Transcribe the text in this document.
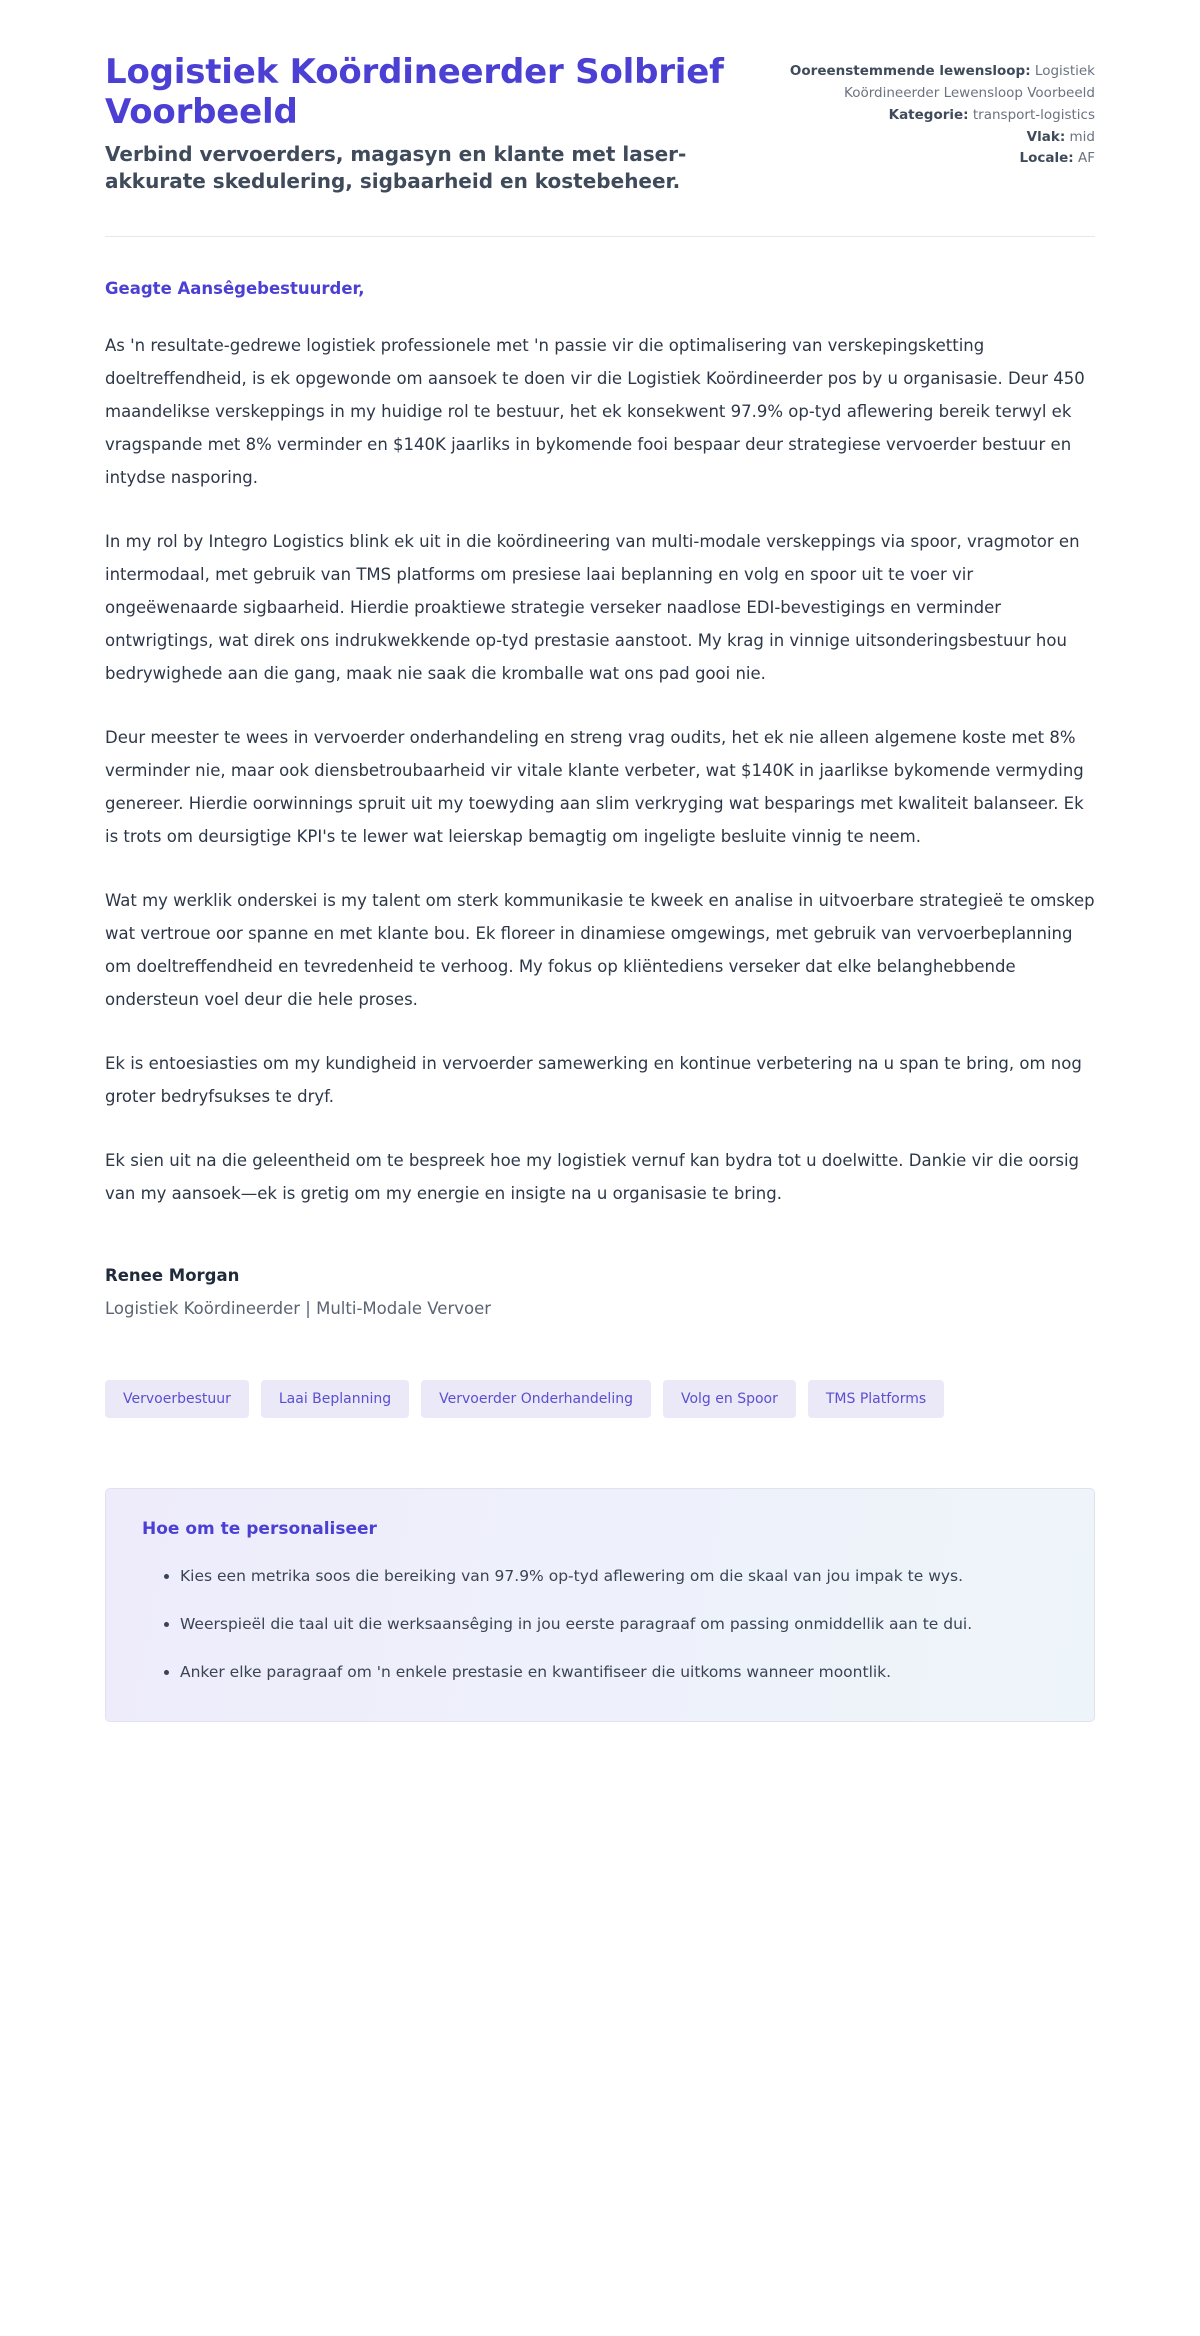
Logistiek Koördineerder Solbrief Voorbeeld

Verbind vervoerders, magasyn en klante met laser-akkurate skedulering, sigbaarheid en kostebeheer.

Ooreenstemmende lewensloop: Logistiek Koördineerder Lewensloop Voorbeeld
Kategorie: transport-logistics
Vlak: mid
Locale: AF

Geagte Aansêgebestuurder,

As 'n resultate-gedrewe logistiek professionele met 'n passie vir die optimalisering van verskepingsketting doeltreffendheid, is ek opgewonde om aansoek te doen vir die Logistiek Koördineerder pos by u organisasie. Deur 450 maandelikse verskeppings in my huidige rol te bestuur, het ek konsekwent 97.9% op-tyd aflewering bereik terwyl ek vragspande met 8% verminder en $140K jaarliks in bykomende fooi bespaar deur strategiese vervoerder bestuur en intydse nasporing.

In my rol by Integro Logistics blink ek uit in die koördineering van multi-modale verskeppings via spoor, vragmotor en intermodaal, met gebruik van TMS platforms om presiese laai beplanning en volg en spoor uit te voer vir ongeëwenaarde sigbaarheid. Hierdie proaktiewe strategie verseker naadlose EDI-bevestigings en verminder ontwrigtings, wat direk ons indrukwekkende op-tyd prestasie aanstoot. My krag in vinnige uitsonderingsbestuur hou bedrywighede aan die gang, maak nie saak die kromballe wat ons pad gooi nie.

Deur meester te wees in vervoerder onderhandeling en streng vrag oudits, het ek nie alleen algemene koste met 8% verminder nie, maar ook diensbetroubaarheid vir vitale klante verbeter, wat $140K in jaarlikse bykomende vermyding genereer. Hierdie oorwinnings spruit uit my toewyding aan slim verkryging wat besparings met kwaliteit balanseer. Ek is trots om deursigtige KPI's te lewer wat leierskap bemagtig om ingeligte besluite vinnig te neem.

Wat my werklik onderskei is my talent om sterk kommunikasie te kweek en analise in uitvoerbare strategieë te omskep wat vertroue oor spanne en met klante bou. Ek floreer in dinamiese omgewings, met gebruik van vervoerbeplanning om doeltreffendheid en tevredenheid te verhoog. My fokus op kliëntediens verseker dat elke belanghebbende ondersteun voel deur die hele proses.

Ek is entoesiasties om my kundigheid in vervoerder samewerking en kontinue verbetering na u span te bring, om nog groter bedryfsukses te dryf.

Ek sien uit na die geleentheid om te bespreek hoe my logistiek vernuf kan bydra tot u doelwitte. Dankie vir die oorsig van my aansoek—ek is gretig om my energie en insigte na u organisasie te bring.

Renee Morgan

Logistiek Koördineerder | Multi-Modale Vervoer

Vervoerbestuur	Laai Beplanning	Vervoerder Onderhandeling	Volg en Spoor	TMS Platforms

Hoe om te personaliseer

Kies een metrika soos die bereiking van 97.9% op-tyd aflewering om die skaal van jou impak te wys.
Weerspieël die taal uit die werksaansêging in jou eerste paragraaf om passing onmiddellik aan te dui.
Anker elke paragraaf om 'n enkele prestasie en kwantifiseer die uitkoms wanneer moontlik.
